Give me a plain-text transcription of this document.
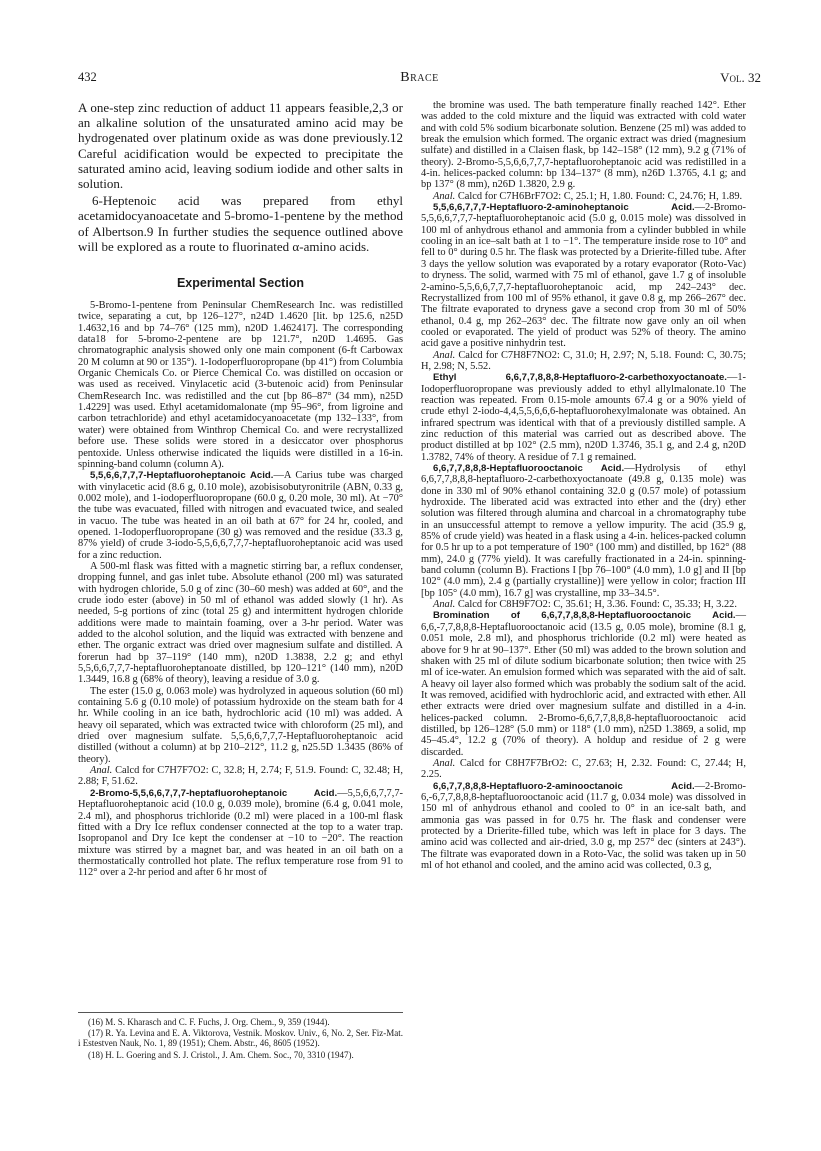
432	Brace	Vol. 32

A one-step zinc reduction of adduct 11 appears feasible,2,3 or an alkaline solution of the unsaturated amino acid may be hydrogenated over platinum oxide as was done previously.12 Careful acidification would be expected to precipitate the saturated amino acid, leaving sodium iodide and other salts in solution.

6-Heptenoic acid was prepared from ethyl acetamidocyanoacetate and 5-bromo-1-pentene by the method of Albertson.9 In further studies the sequence outlined above will be explored as a route to fluorinated α-amino acids.

Experimental Section

5-Bromo-1-pentene from Peninsular ChemResearch Inc. was redistilled twice, separating a cut, bp 126–127°, n24D 1.4620 [lit. bp 125.6, n25D 1.4632,16 and bp 74–76° (125 mm), n20D 1.462417]. The corresponding data18 for 5-bromo-2-pentene are bp 121.7°, n20D 1.4695. Gas chromatographic analysis showed only one main component (6-ft Carbowax 20 M column at 90 or 135°). 1-Iodoperfluoropropane (bp 41°) from Columbia Organic Chemicals Co. or Pierce Chemical Co. was distilled on occasion or was used as received. Vinylacetic acid (3-butenoic acid) from Peninsular ChemResearch Inc. was redistilled and the cut [bp 86–87° (34 mm), n25D 1.4229] was used. Ethyl acetamidomalonate (mp 95–96°, from ligroine and carbon tetrachloride) and ethyl acetamidocyanoacetate (mp 132–133°, from water) were obtained from Winthrop Chemical Co. and were recrystallized before use. These solids were stored in a desiccator over phosphorus pentoxide. Unless otherwise indicated the liquids were distilled in a 16-in. spinning-band column (column A).

5,5,6,6,7,7,7-Heptafluoroheptanoic Acid.—A Carius tube was charged with vinylacetic acid (8.6 g, 0.10 mole), azobisisobutyronitrile (ABN, 0.33 g, 0.002 mole), and 1-iodoperfluoropropane (60.0 g, 0.20 mole, 30 ml). At −70° the tube was evacuated, filled with nitrogen and evacuated twice, and sealed in vacuo. The tube was heated in an oil bath at 67° for 24 hr, cooled, and opened. 1-Iodoperfluoropropane (30 g) was removed and the residue (33.3 g, 87% yield) of crude 3-iodo-5,5,6,6,7,7,7-heptafluoroheptanoic acid was used for a zinc reduction.

A 500-ml flask was fitted with a magnetic stirring bar, a reflux condenser, dropping funnel, and gas inlet tube. Absolute ethanol (200 ml) was saturated with hydrogen chloride, 5.0 g of zinc (30–60 mesh) was added at 60°, and the crude iodo ester (above) in 50 ml of ethanol was added slowly (1 hr). As needed, 5-g portions of zinc (total 25 g) and intermittent hydrogen chloride additions were made to maintain foaming, over a 3-hr period. Water was added to the alcohol solution, and the liquid was extracted with benzene and ether. The organic extract was dried over magnesium sulfate and distilled. A forerun had bp 37–119° (140 mm), n20D 1.3838, 2.2 g; and ethyl 5,5,6,6,7,7,7-heptafluoroheptanoate distilled, bp 120–121° (140 mm), n20D 1.3449, 16.8 g (68% of theory), leaving a residue of 3.0 g.

The ester (15.0 g, 0.063 mole) was hydrolyzed in aqueous solution (60 ml) containing 5.6 g (0.10 mole) of potassium hydroxide on the steam bath for 4 hr. While cooling in an ice bath, hydrochloric acid (10 ml) was added. A heavy oil separated, which was extracted twice with chloroform (25 ml), and dried over magnesium sulfate. 5,5,6,6,7,7,7-Heptafluoroheptanoic acid distilled (without a column) at bp 210–212°, 11.2 g, n25.5D 1.3435 (86% of theory).

Anal. Calcd for C7H7F7O2: C, 32.8; H, 2.74; F, 51.9. Found: C, 32.48; H, 2.88; F, 51.62.

2-Bromo-5,5,6,6,7,7,7-heptafluoroheptanoic Acid.—5,5,6,6,7,7,7-Heptafluoroheptanoic acid (10.0 g, 0.039 mole), bromine (6.4 g, 0.041 mole, 2.4 ml), and phosphorus trichloride (0.2 ml) were placed in a 100-ml flask fitted with a Dry Ice reflux condenser connected at the top to a water trap. Isopropanol and Dry Ice kept the condenser at −10 to −20°. The reaction mixture was stirred by a magnet bar, and was heated in an oil bath on a thermostatically controlled hot plate. The reflux temperature rose from 91 to 112° over a 2-hr period and after 6 hr most of

the bromine was used. The bath temperature finally reached 142°. Ether was added to the cold mixture and the liquid was extracted with cold water and with cold 5% sodium bicarbonate solution. Benzene (25 ml) was added to break the emulsion which formed. The organic extract was dried (magnesium sulfate) and distilled in a Claisen flask, bp 142–158° (12 mm), 9.2 g (71% of theory). 2-Bromo-5,5,6,6,7,7,7-heptafluoroheptanoic acid was redistilled in a 4-in. helices-packed column: bp 134–137° (8 mm), n26D 1.3765, 4.1 g; and bp 137° (8 mm), n26D 1.3820, 2.9 g.

Anal. Calcd for C7H6BrF7O2: C, 25.1; H, 1.80. Found: C, 24.76; H, 1.89.

5,5,6,6,7,7,7-Heptafluoro-2-aminoheptanoic Acid.—2-Bromo-5,5,6,6,7,7,7-heptafluoroheptanoic acid (5.0 g, 0.015 mole) was dissolved in 100 ml of anhydrous ethanol and ammonia from a cylinder bubbled in while cooling in an ice–salt bath at 1 to −1°. The temperature inside rose to 10° and fell to 0° during 0.5 hr. The flask was protected by a Drierite-filled tube. After 3 days the yellow solution was evaporated by a rotary evaporator (Roto-Vac) to dryness. The solid, warmed with 75 ml of ethanol, gave 1.7 g of insoluble 2-amino-5,5,6,6,7,7,7-heptafluoroheptanoic acid, mp 242–243° dec. Recrystallized from 100 ml of 95% ethanol, it gave 0.8 g, mp 266–267° dec. The filtrate evaporated to dryness gave a second crop from 30 ml of 50% ethanol, 0.4 g, mp 262–263° dec. The filtrate now gave only an oil when cooled or evaporated. The yield of product was 52% of theory. The amino acid gave a positive ninhydrin test.

Anal. Calcd for C7H8F7NO2: C, 31.0; H, 2.97; N, 5.18. Found: C, 30.75; H, 2.98; N, 5.52.

Ethyl 6,6,7,7,8,8,8-Heptafluoro-2-carbethoxyoctanoate.—1-Iodoperfluoropropane was previously added to ethyl allylmalonate.10 The reaction was repeated. From 0.15-mole amounts 67.4 g or a 90% yield of crude ethyl 2-iodo-4,4,5,5,6,6,6-heptafluorohexylmalonate was obtained. An infrared spectrum was identical with that of a previously distilled sample. A zinc reduction of this material was carried out as described above. The product distilled at bp 102° (2.5 mm), n20D 1.3746, 35.1 g, and 2.4 g, n20D 1.3782, 74% of theory. A residue of 7.1 g remained.

6,6,7,7,8,8,8-Heptafluorooctanoic Acid.—Hydrolysis of ethyl 6,6,7,7,8,8,8-heptafluoro-2-carbethoxyoctanoate (49.8 g, 0.135 mole) was done in 330 ml of 90% ethanol containing 32.0 g (0.57 mole) of potassium hydroxide. The liberated acid was extracted into ether and the (dry) ether solution was filtered through alumina and charcoal in a chromatography tube in an unsuccessful attempt to remove a yellow impurity. The acid (35.9 g, 85% of crude yield) was heated in a flask using a 4-in. helices-packed column for 0.5 hr up to a pot temperature of 190° (100 mm) and distilled, bp 162° (88 mm), 24.0 g (77% yield). It was carefully fractionated in a 24-in. spinning-band column (column B). Fractions I [bp 76–100° (4.0 mm), 1.0 g] and II [bp 102° (4.0 mm), 2.4 g (partially crystalline)] were yellow in color; fraction III [bp 105° (4.0 mm), 16.7 g] was crystalline, mp 33–34.5°.

Anal. Calcd for C8H9F7O2: C, 35.61; H, 3.36. Found: C, 35.33; H, 3.22.

Bromination of 6,6,7,7,8,8,8-Heptafluorooctanoic Acid.—6,6,-7,7,8,8,8-Heptafluorooctanoic acid (13.5 g, 0.05 mole), bromine (8.1 g, 0.051 mole, 2.8 ml), and phosphorus trichloride (0.2 ml) were heated as above for 9 hr at 90–137°. Ether (50 ml) was added to the brown solution and shaken with 25 ml of dilute sodium bicarbonate solution; then twice with 25 ml of ice-water. An emulsion formed which was separated with the aid of salt. A heavy oil layer also formed which was probably the sodium salt of the acid. It was removed, acidified with hydrochloric acid, and extracted with ether. All ether extracts were dried over magnesium sulfate and distilled in a 4-in. helices-packed column. 2-Bromo-6,6,7,7,8,8,8-heptafluorooctanoic acid distilled, bp 126–128° (5.0 mm) or 118° (1.0 mm), n25D 1.3869, a solid, mp 45–45.4°, 12.2 g (70% of theory). A holdup and residue of 2 g were discarded.

Anal. Calcd for C8H7F7BrO2: C, 27.63; H, 2.32. Found: C, 27.44; H, 2.25.

6,6,7,7,8,8,8-Heptafluoro-2-aminooctanoic Acid.—2-Bromo-6,-6,7,7,8,8,8-heptafluorooctanoic acid (11.7 g, 0.034 mole) was dissolved in 150 ml of anhydrous ethanol and cooled to 0° in an ice-salt bath, and ammonia gas was passed in for 0.75 hr. The flask and condenser were protected by a Drierite-filled tube, which was left in place for 3 days. The amino acid was collected and air-dried, 3.0 g, mp 257° dec (sinters at 243°). The filtrate was evaporated down in a Roto-Vac, the solid was taken up in 50 ml of hot ethanol and cooled, and the amino acid was collected, 0.3 g,

(16) M. S. Kharasch and C. F. Fuchs, J. Org. Chem., 9, 359 (1944).

(17) R. Ya. Levina and E. A. Viktorova, Vestnik. Moskov. Univ., 6, No. 2, Ser. Fiz-Mat. i Estestven Nauk, No. 1, 89 (1951); Chem. Abstr., 46, 8605 (1952).

(18) H. L. Goering and S. J. Cristol., J. Am. Chem. Soc., 70, 3310 (1947).
